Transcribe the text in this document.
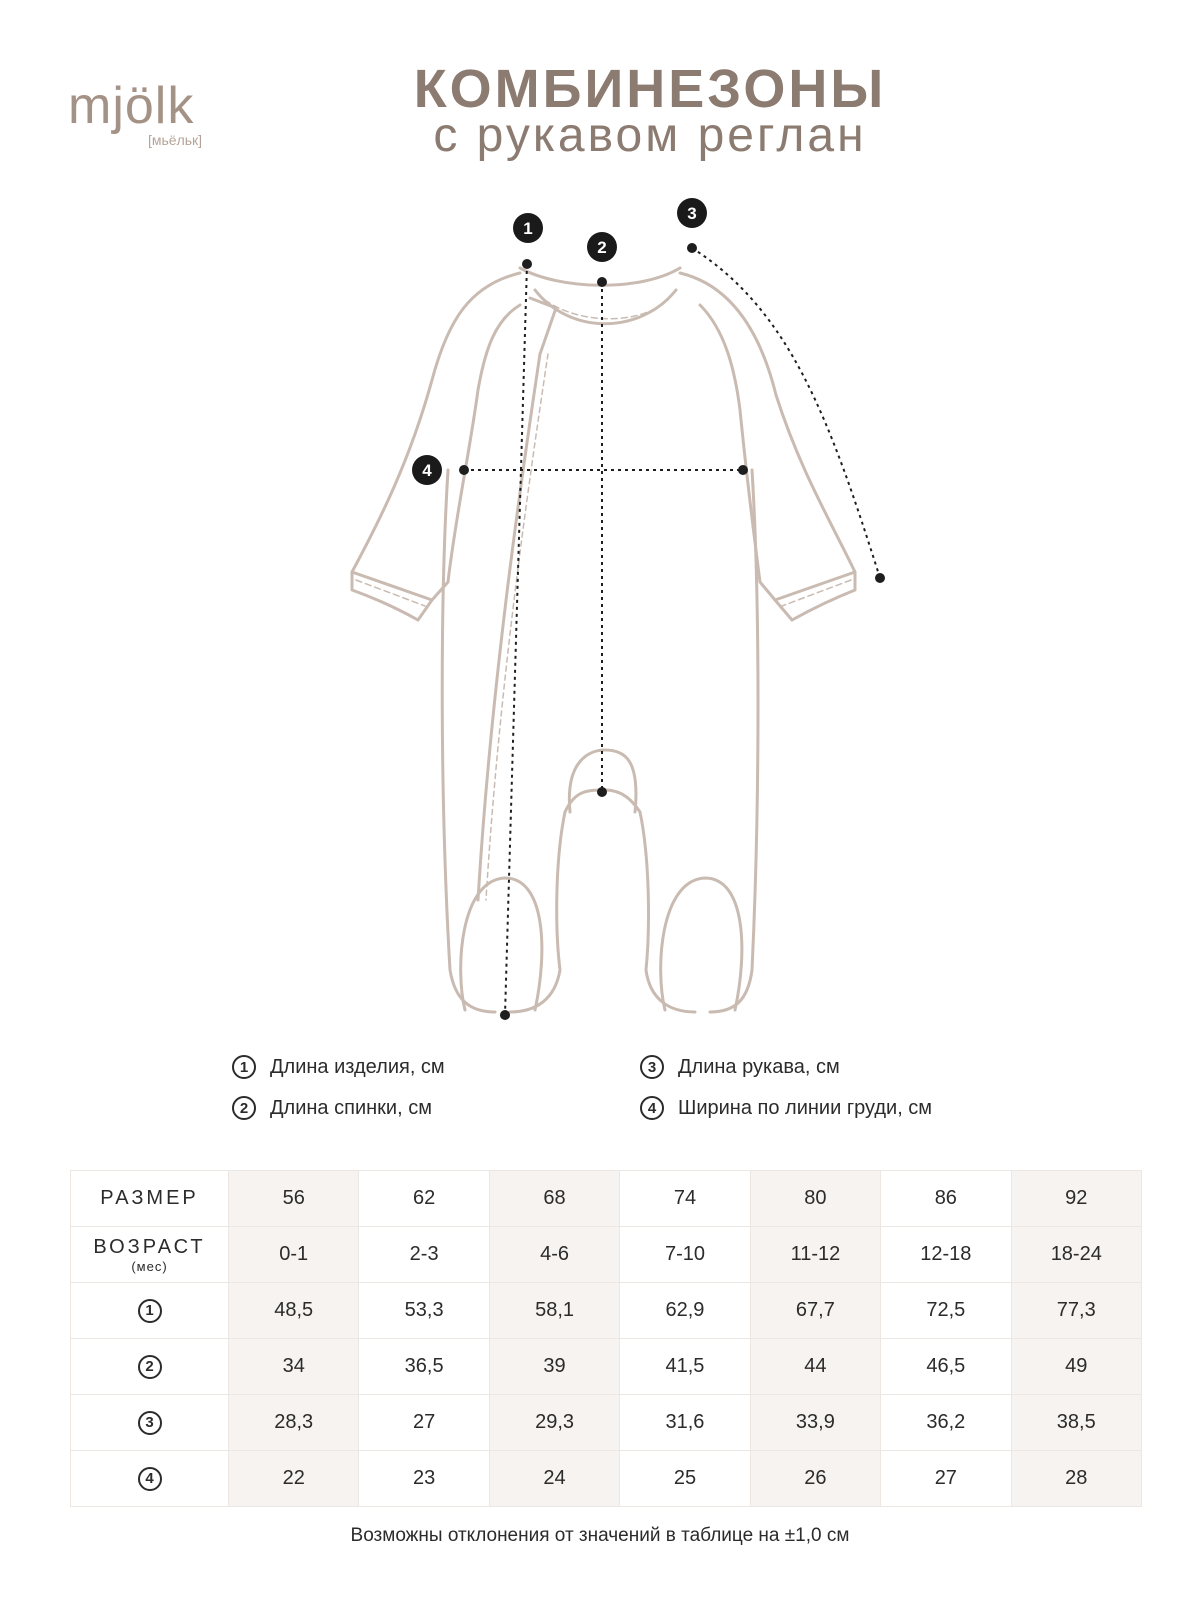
mjölk
[мьёльк]
КОМБИНЕЗОНЫ
с рукавом реглан
1
2
3
4
1	Длина изделия, см
2	Длина спинки, см
3	Длина рукава, см
4	Ширина по линии груди, см
РАЗМЕР	56	62	68	74	80	86	92
ВОЗРАСТ
(мес)	0-1	2-3	4-6	7-10	11-12	12-18	18-24
1	48,5	53,3	58,1	62,9	67,7	72,5	77,3
2	34	36,5	39	41,5	44	46,5	49
3	28,3	27	29,3	31,6	33,9	36,2	38,5
4	22	23	24	25	26	27	28
Возможны отклонения от значений в таблице на ±1,0 см
